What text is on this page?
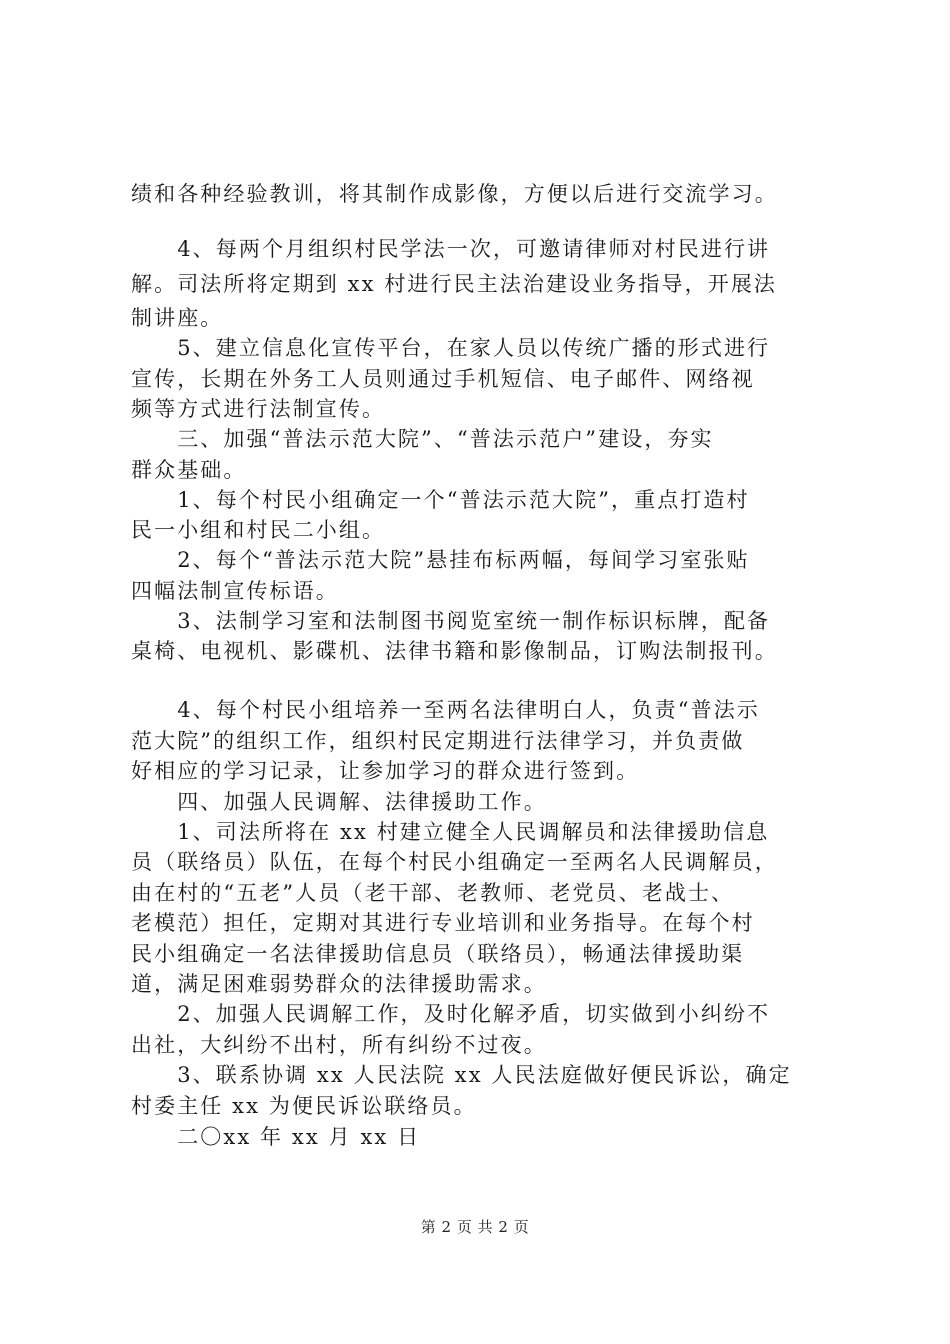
绩和各种经验教训，将其制作成影像，方便以后进行交流学习。
　　4、每两个月组织村民学法一次，可邀请律师对村民进行讲
解。司法所将定期到 xx 村进行民主法治建设业务指导，开展法
制讲座。
　　5、建立信息化宣传平台，在家人员以传统广播的形式进行
宣传，长期在外务工人员则通过手机短信、电子邮件、网络视
频等方式进行法制宣传。
　　三、加强“普法示范大院”、“普法示范户”建设，夯实
群众基础。
　　1、每个村民小组确定一个“普法示范大院”，重点打造村
民一小组和村民二小组。
　　2、每个“普法示范大院”悬挂布标两幅，每间学习室张贴
四幅法制宣传标语。
　　3、法制学习室和法制图书阅览室统一制作标识标牌，配备
桌椅、电视机、影碟机、法律书籍和影像制品，订购法制报刊。
　　4、每个村民小组培养一至两名法律明白人，负责“普法示
范大院”的组织工作，组织村民定期进行法律学习，并负责做
好相应的学习记录，让参加学习的群众进行签到。
　　四、加强人民调解、法律援助工作。
　　1、司法所将在 xx 村建立健全人民调解员和法律援助信息
员（联络员）队伍，在每个村民小组确定一至两名人民调解员，
由在村的“五老”人员（老干部、老教师、老党员、老战士、
老模范）担任，定期对其进行专业培训和业务指导。在每个村
民小组确定一名法律援助信息员（联络员），畅通法律援助渠
道，满足困难弱势群众的法律援助需求。
　　2、加强人民调解工作，及时化解矛盾，切实做到小纠纷不
出社，大纠纷不出村，所有纠纷不过夜。
　　3、联系协调 xx 人民法院 xx 人民法庭做好便民诉讼，确定
村委主任 xx 为便民诉讼联络员。
　　二〇xx 年 xx 月 xx 日
第 2 页 共 2 页
